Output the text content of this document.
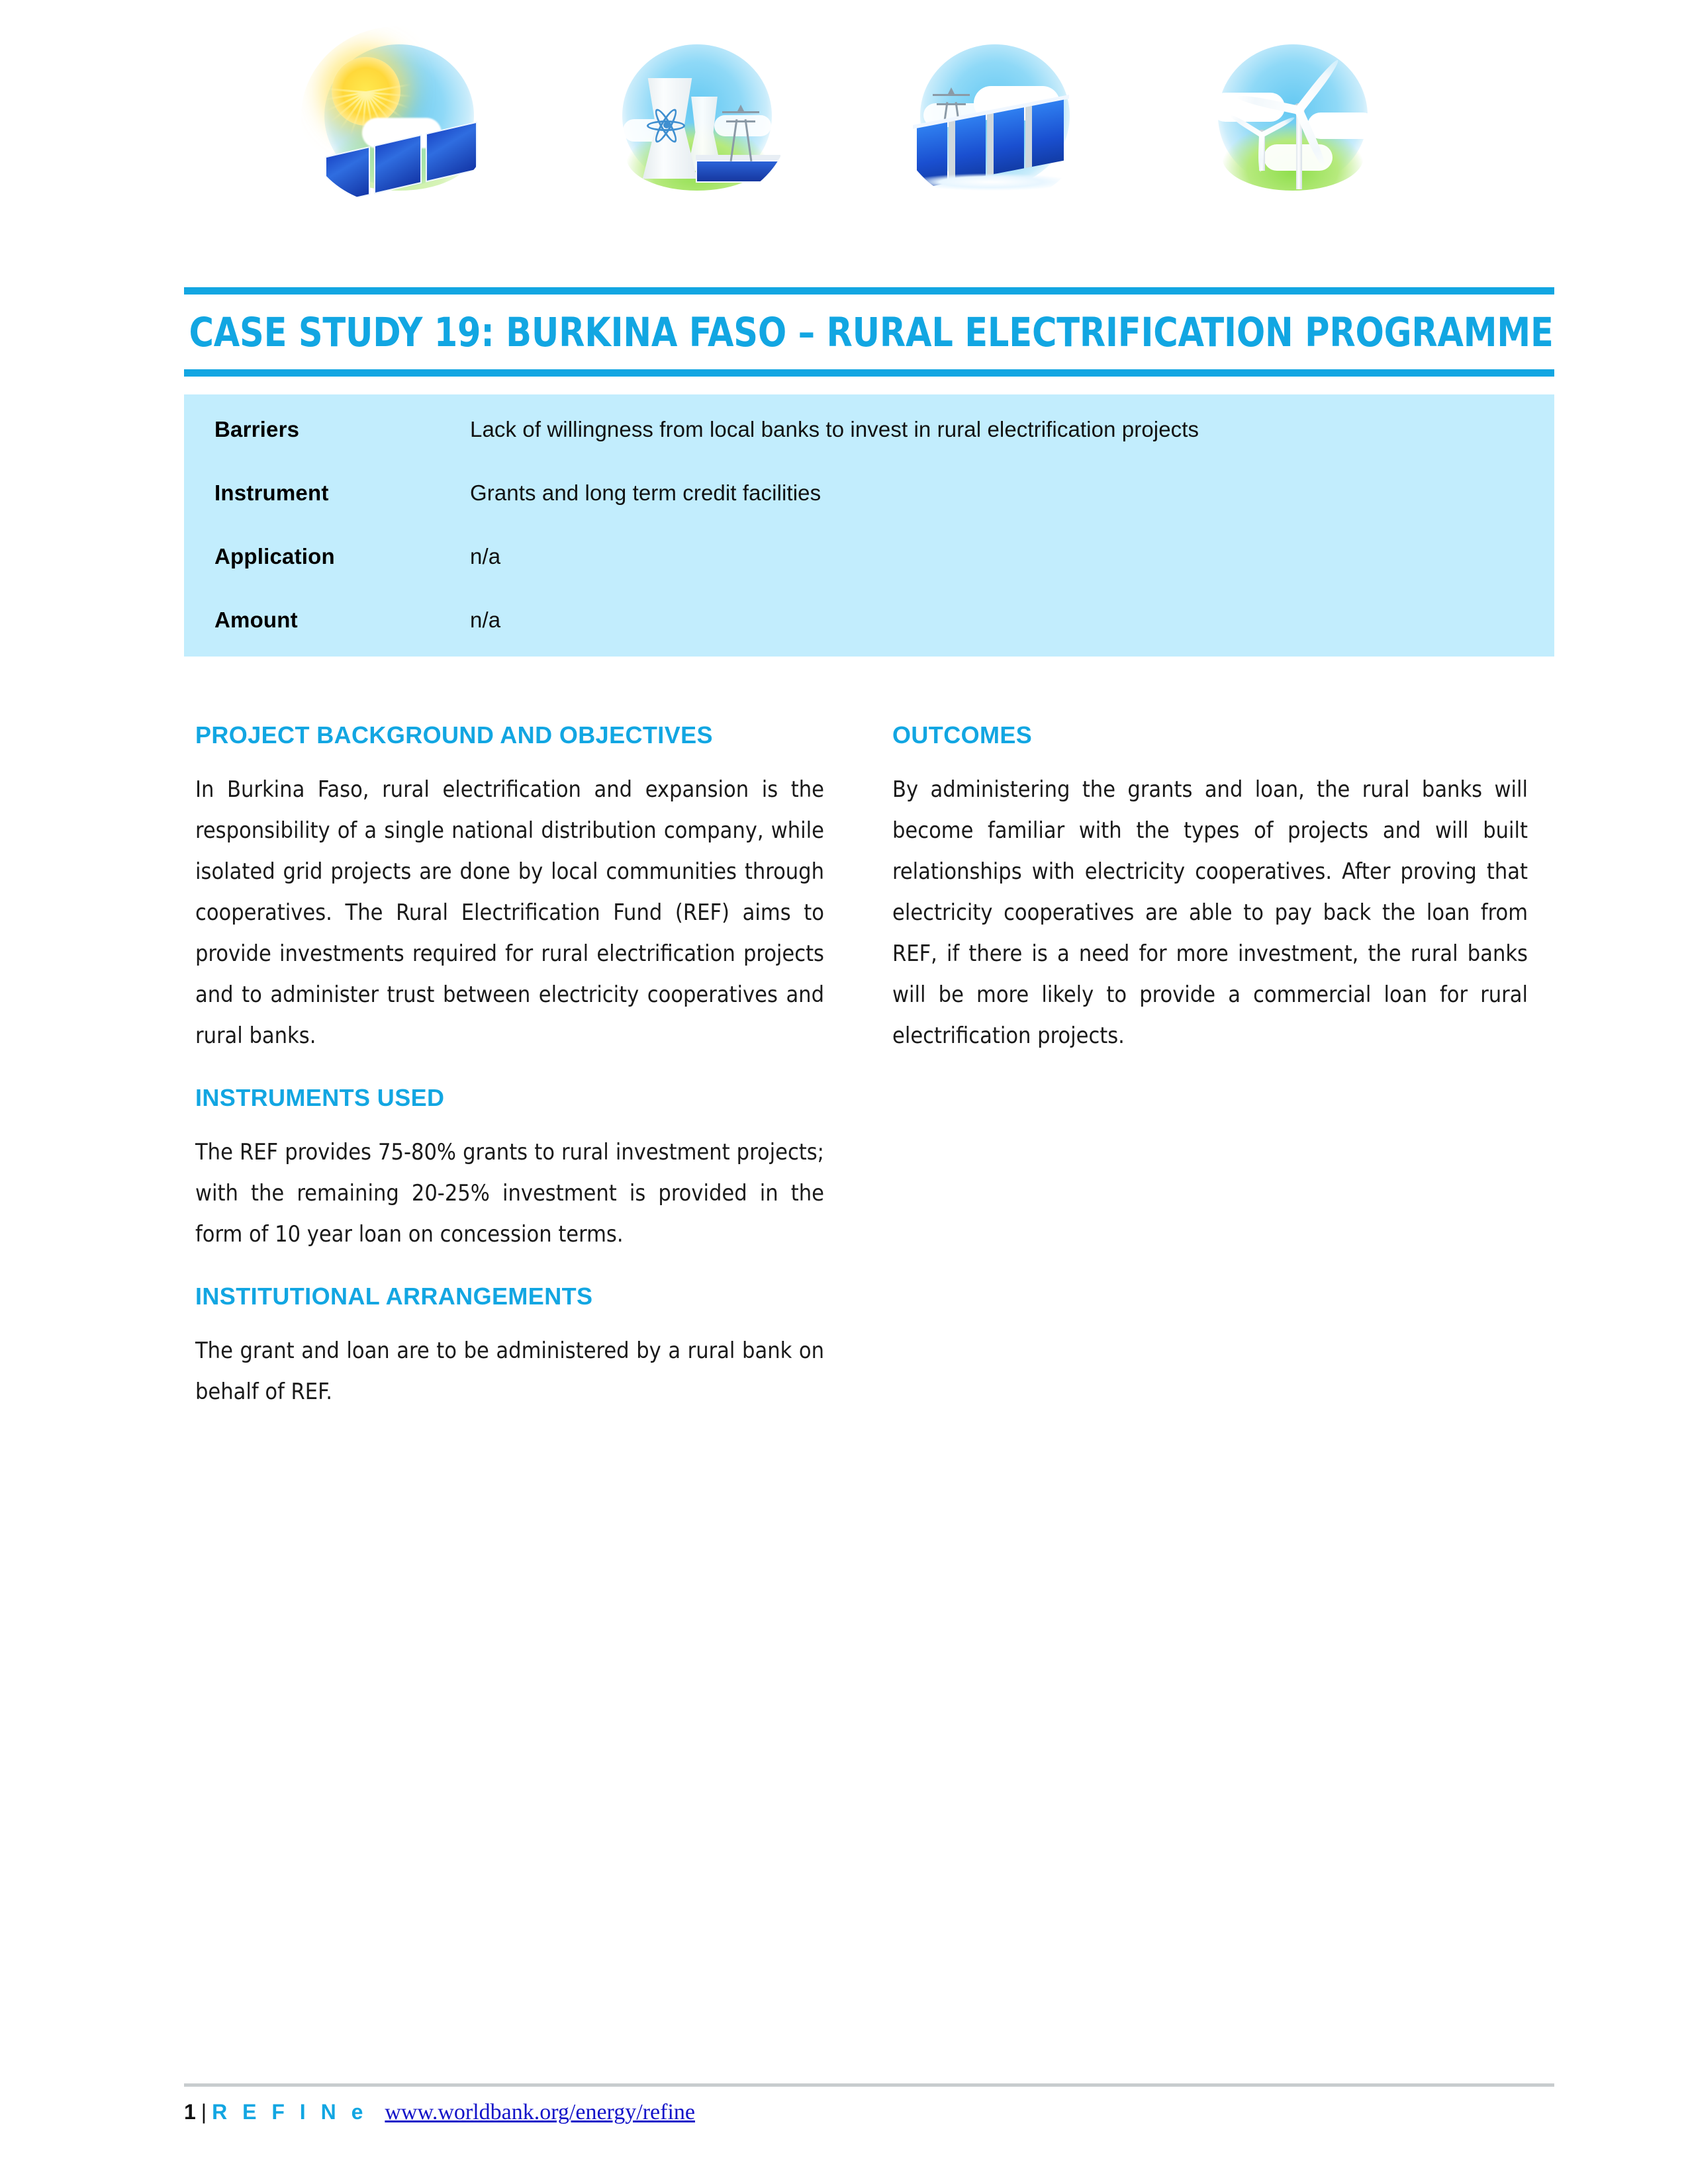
CASE STUDY 19: BURKINA FASO – RURAL ELECTRIFICATION PROGRAMME
Barriers	Lack of willingness from local banks to invest in rural electrification projects
Instrument	Grants and long term credit facilities
Application	n/a
Amount	n/a
PROJECT BACKGROUND AND OBJECTIVES

In Burkina Faso, rural electrification and expansion is the responsibility of a single national distribution company, while isolated grid projects are done by local communities through cooperatives. The Rural Electrification Fund (REF) aims to provide investments required for rural electrification projects and to administer trust between electricity cooperatives and rural banks.

INSTRUMENTS USED

The REF provides 75-80% grants to rural investment projects; with the remaining 20-25% investment is provided in the form of 10 year loan on concession terms.

INSTITUTIONAL ARRANGEMENTS

The grant and loan are to be administered by a rural bank on behalf of REF.

OUTCOMES

By administering the grants and loan, the rural banks will become familiar with the types of projects and will built relationships with electricity cooperatives. After proving that electricity cooperatives are able to pay back the loan from REF, if there is a need for more investment, the rural banks will be more likely to provide a commercial loan for rural electrification projects.

1 | R E F I N e www.worldbank.org/energy/refine
